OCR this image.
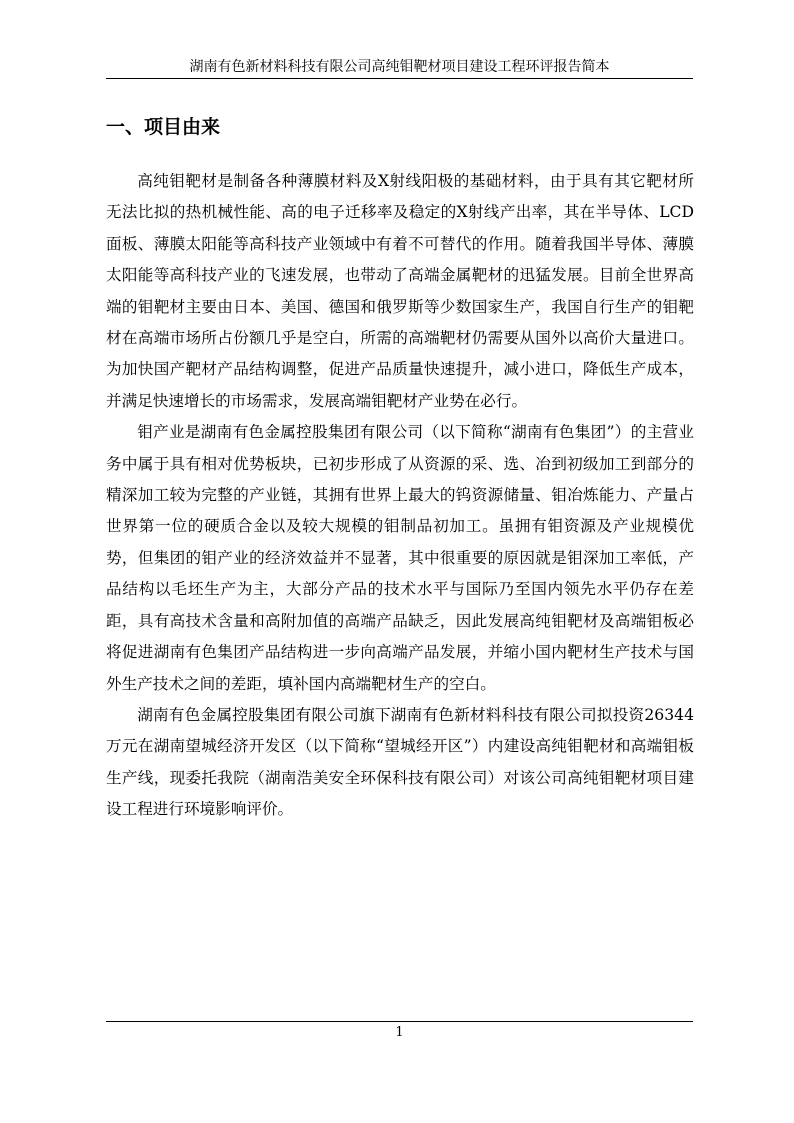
湖南有色新材料科技有限公司高纯钼靶材项目建设工程环评报告简本
一、项目由来

高纯钼靶材是制备各种薄膜材料及X射线阳极的基础材料，由于具有其它靶材所无法比拟的热机械性能、高的电子迁移率及稳定的X射线产出率，其在半导体、LCD面板、薄膜太阳能等高科技产业领域中有着不可替代的作用。随着我国半导体、薄膜太阳能等高科技产业的飞速发展，也带动了高端金属靶材的迅猛发展。目前全世界高端的钼靶材主要由日本、美国、德国和俄罗斯等少数国家生产，我国自行生产的钼靶材在高端市场所占份额几乎是空白，所需的高端靶材仍需要从国外以高价大量进口。为加快国产靶材产品结构调整，促进产品质量快速提升，减小进口，降低生产成本，并满足快速增长的市场需求，发展高端钼靶材产业势在必行。

钼产业是湖南有色金属控股集团有限公司（以下简称“湖南有色集团”）的主营业务中属于具有相对优势板块，已初步形成了从资源的采、选、冶到初级加工到部分的精深加工较为完整的产业链，其拥有世界上最大的钨资源储量、钼冶炼能力、产量占世界第一位的硬质合金以及较大规模的钼制品初加工。虽拥有钼资源及产业规模优势，但集团的钼产业的经济效益并不显著，其中很重要的原因就是钼深加工率低，产品结构以毛坯生产为主，大部分产品的技术水平与国际乃至国内领先水平仍存在差距，具有高技术含量和高附加值的高端产品缺乏，因此发展高纯钼靶材及高端钼板必将促进湖南有色集团产品结构进一步向高端产品发展，并缩小国内靶材生产技术与国外生产技术之间的差距，填补国内高端靶材生产的空白。

湖南有色金属控股集团有限公司旗下湖南有色新材料科技有限公司拟投资26344万元在湖南望城经济开发区（以下简称“望城经开区”）内建设高纯钼靶材和高端钼板生产线，现委托我院（湖南浩美安全环保科技有限公司）对该公司高纯钼靶材项目建设工程进行环境影响评价。

1
